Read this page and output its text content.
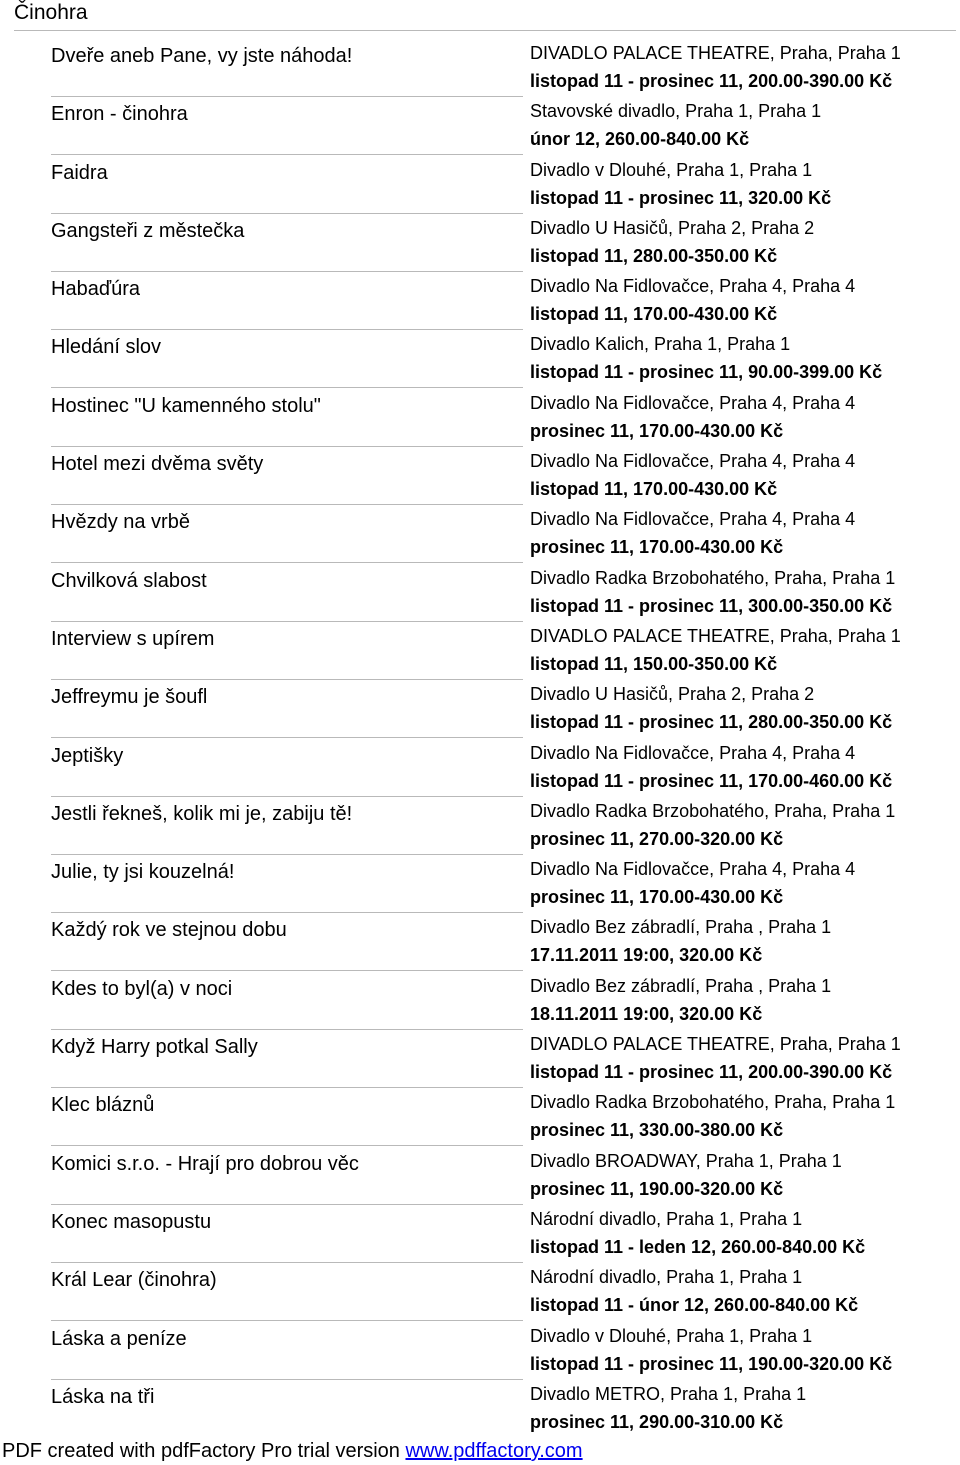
Činohra
Dveře aneb Pane, vy jste náhoda!	DIVADLO PALACE THEATRE, Praha, Praha 1
listopad 11 - prosinec 11, 200.00-390.00 Kč
Enron - činohra	Stavovské divadlo, Praha 1, Praha 1
únor 12, 260.00-840.00 Kč
Faidra	Divadlo v Dlouhé, Praha 1, Praha 1
listopad 11 - prosinec 11, 320.00 Kč
Gangsteři z městečka	Divadlo U Hasičů, Praha 2, Praha 2
listopad 11, 280.00-350.00 Kč
Habaďúra	Divadlo Na Fidlovačce, Praha 4, Praha 4
listopad 11, 170.00-430.00 Kč
Hledání slov	Divadlo Kalich, Praha 1, Praha 1
listopad 11 - prosinec 11, 90.00-399.00 Kč
Hostinec "U kamenného stolu"	Divadlo Na Fidlovačce, Praha 4, Praha 4
prosinec 11, 170.00-430.00 Kč
Hotel mezi dvěma světy	Divadlo Na Fidlovačce, Praha 4, Praha 4
listopad 11, 170.00-430.00 Kč
Hvězdy na vrbě	Divadlo Na Fidlovačce, Praha 4, Praha 4
prosinec 11, 170.00-430.00 Kč
Chvilková slabost	Divadlo Radka Brzobohatého, Praha, Praha 1
listopad 11 - prosinec 11, 300.00-350.00 Kč
Interview s upírem	DIVADLO PALACE THEATRE, Praha, Praha 1
listopad 11, 150.00-350.00 Kč
Jeffreymu je šoufl	Divadlo U Hasičů, Praha 2, Praha 2
listopad 11 - prosinec 11, 280.00-350.00 Kč
Jeptišky	Divadlo Na Fidlovačce, Praha 4, Praha 4
listopad 11 - prosinec 11, 170.00-460.00 Kč
Jestli řekneš, kolik mi je, zabiju tě!	Divadlo Radka Brzobohatého, Praha, Praha 1
prosinec 11, 270.00-320.00 Kč
Julie, ty jsi kouzelná!	Divadlo Na Fidlovačce, Praha 4, Praha 4
prosinec 11, 170.00-430.00 Kč
Každý rok ve stejnou dobu	Divadlo Bez zábradlí, Praha , Praha 1
17.11.2011 19:00, 320.00 Kč
Kdes to byl(a) v noci	Divadlo Bez zábradlí, Praha , Praha 1
18.11.2011 19:00, 320.00 Kč
Když Harry potkal Sally	DIVADLO PALACE THEATRE, Praha, Praha 1
listopad 11 - prosinec 11, 200.00-390.00 Kč
Klec bláznů	Divadlo Radka Brzobohatého, Praha, Praha 1
prosinec 11, 330.00-380.00 Kč
Komici s.r.o. - Hrají pro dobrou věc	Divadlo BROADWAY, Praha 1, Praha 1
prosinec 11, 190.00-320.00 Kč
Konec masopustu	Národní divadlo, Praha 1, Praha 1
listopad 11 - leden 12, 260.00-840.00 Kč
Král Lear (činohra)	Národní divadlo, Praha 1, Praha 1
listopad 11 - únor 12, 260.00-840.00 Kč
Láska a peníze	Divadlo v Dlouhé, Praha 1, Praha 1
listopad 11 - prosinec 11, 190.00-320.00 Kč
Láska na tři	Divadlo METRO, Praha 1, Praha 1
prosinec 11, 290.00-310.00 Kč
PDF created with pdfFactory Pro trial version www.pdffactory.com
